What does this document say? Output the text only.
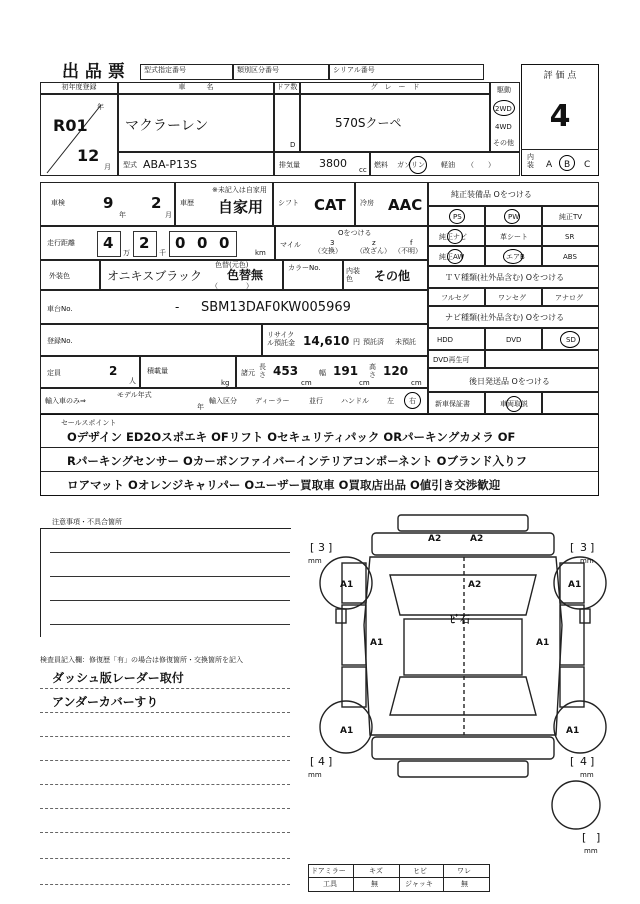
出 品 票	型式指定番号	類別区分番号	シリアル番号
評 価 点
4
内装	A B C
初年度登録
R01
年
12
月
車　　　名
マクラーレン
ドア数
D
グ　レ　ー　ド
570Sクーペ
駆動
2WD
4WD
その他
型式 ABA-P13S	排気量 3800 cc
燃料 ガソリン 軽油 （　　）
車検	9
年
2
月
車歴
※未記入は自家用
自家用 シフト CAT 冷房 AAC
走行距離 4
万
2
千
0 0 0
km
マイル
Oをつける
3
（交換）
z
（改ざん）
f
（不明）
外装色	オニキスブラック
色替(元色)
色替無
（　　　　）
カラーNo.	内装色	その他
車台No.	- SBM13DAF0KW005969
登録No.
リサイクル預託金 14,610 円 預託済 未預託
定員	2
人
積載量
kg
諸元
長さ 453
cm
幅 191
cm
高さ 120
cm
輸入車のみ⇒
モデル年式
年
輸入区分	ディーラー	並行	ハンドル	左 右
純正装備品 Oをつける
PS	PW	純正TV
純正ナビ	革シート	SR
純正AW	エアB	ABS
ＴＶ種類(社外品含む) Oをつける
フルセグ	ワンセグ	アナログ
ナビ種類(社外品含む) Oをつける
HDD	DVD	SD
DVD再生可
後日発送品 Oをつける
新車保証書	車両取説
セールスポイント
Oデザイン ED2Oスポエキ OFリフト Oセキュリティパック ORパーキングカメラ OF
Rパーキングセンサー Oカーボンファイバーインテリアコンポーネント Oブランド入りフ
ロアマット Oオレンジキャリパー Oユーザー買取車 O買取店出品 O値引き交渉歓迎
注意事項・不具合箇所
検査員記入欄：修復歴「有」の場合は修復箇所・交換箇所を記入
ダッシュ版レーダー取付
アンダーカバーすり
A2	A2
A1	A1
A2
ﾋﾞ石
A1	A1
A1	A1
[ 3 ]
mm
[ 3 ]
mm
[ 4 ]
mm
[ 4 ]
mm
[ ]
mm
ドアミラー	キズ	ヒビ	ワレ
工具	無	ジャッキ	無
